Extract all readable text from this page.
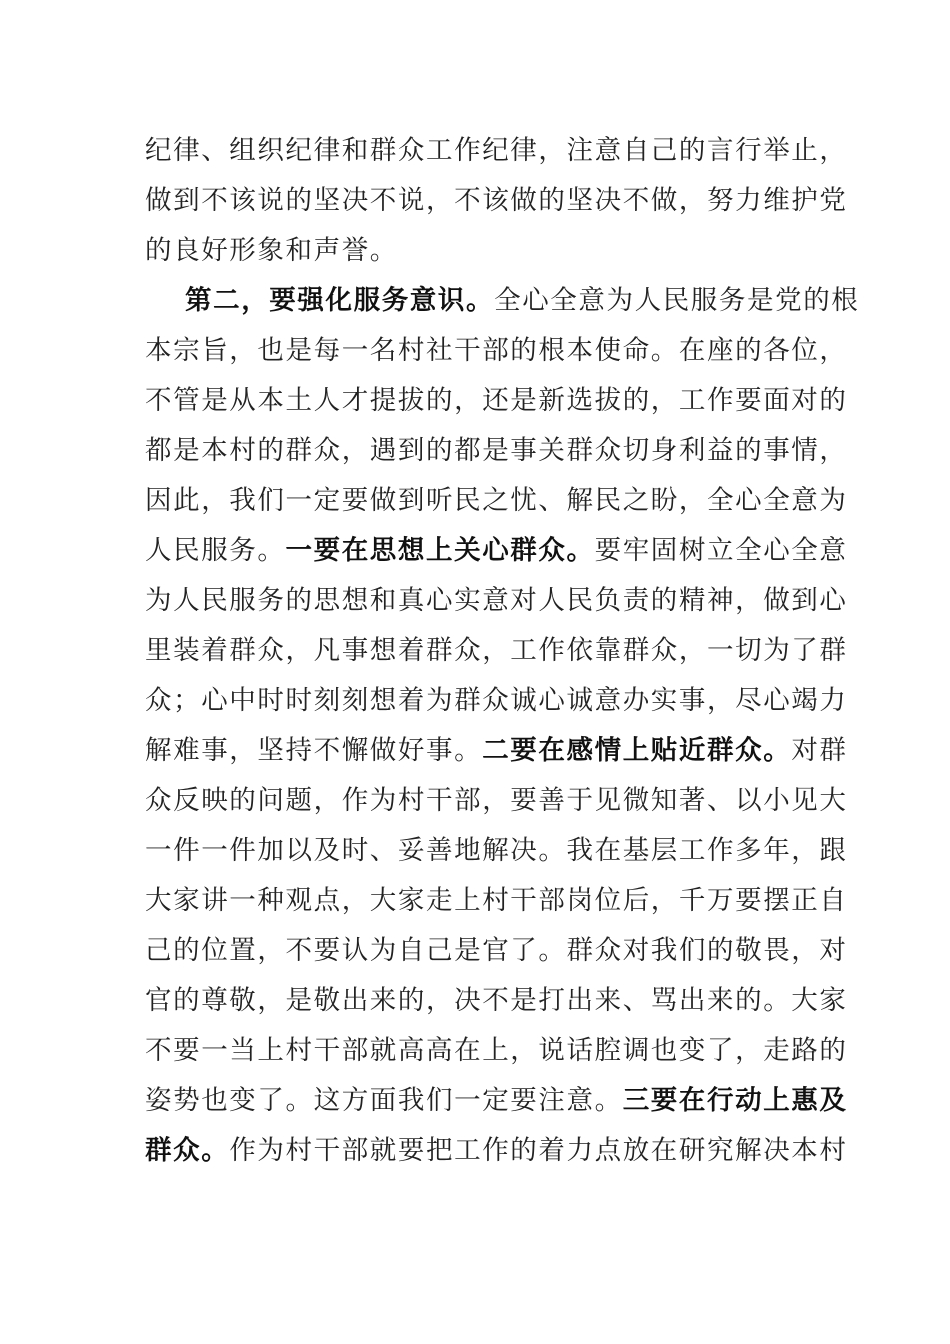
纪律、组织纪律和群众工作纪律，注意自己的言行举止，
做到不该说的坚决不说，不该做的坚决不做，努力维护党
的良好形象和声誉。
第二，要强化服务意识。全心全意为人民服务是党的根
本宗旨，也是每一名村社干部的根本使命。在座的各位，
不管是从本土人才提拔的，还是新选拔的，工作要面对的
都是本村的群众，遇到的都是事关群众切身利益的事情，
因此，我们一定要做到听民之忧、解民之盼，全心全意为
人民服务。一要在思想上关心群众。要牢固树立全心全意
为人民服务的思想和真心实意对人民负责的精神，做到心
里装着群众，凡事想着群众，工作依靠群众，一切为了群
众；心中时时刻刻想着为群众诚心诚意办实事，尽心竭力
解难事，坚持不懈做好事。二要在感情上贴近群众。对群
众反映的问题，作为村干部，要善于见微知著、以小见大
一件一件加以及时、妥善地解决。我在基层工作多年，跟
大家讲一种观点，大家走上村干部岗位后，千万要摆正自
己的位置，不要认为自己是官了。群众对我们的敬畏，对
官的尊敬，是敬出来的，决不是打出来、骂出来的。大家
不要一当上村干部就高高在上，说话腔调也变了，走路的
姿势也变了。这方面我们一定要注意。三要在行动上惠及
群众。作为村干部就要把工作的着力点放在研究解决本村
